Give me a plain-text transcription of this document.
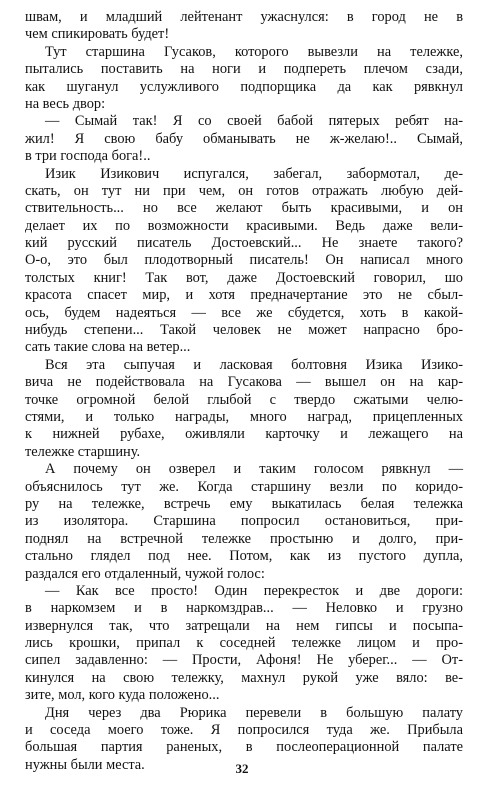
швам, и младший лейтенант ужаснулся: в город не в
чем спикировать будет!
Тут старшина Гусаков, которого вывезли на тележке,
пытались поставить на ноги и подперeть плечом сзади,
как шуганул услужливого подпорщика да как рявкнул
на весь двор:
— Сымай так! Я со своей бабой пятерых ребят на-
жил! Я свою бабу обманывать не ж-желаю!.. Сымай,
в три господа бога!..
Изик Изикович испугался, забегал, забормотал, де-
скать, он тут ни при чем, он готов отражать любую дей-
ствительность... но все желают быть красивыми, и он
делает их по возможности красивыми. Ведь даже вели-
кий русский писатель Достоевский... Не знаете такого?
О-о, это был плодотворный писатель! Он написал много
толстых книг! Так вот, даже Достоевский говорил, шо
красота спасет мир, и хотя предначертание это не сбыл-
ось, будем надеяться — все же сбудется, хоть в какой-
нибудь степени... Такой человек не может напрасно бро-
сать такие слова на ветер...
Вся эта сыпучая и ласковая болтовня Изика Изико-
вича не подействовала на Гусакова — вышел он на кар-
точке огромной белой глыбой с твердо сжатыми челю-
стями, и только награды, много наград, прицепленных
к нижней рубахе, оживляли карточку и лежащего на
тележке старшину.
А почему он озверел и таким голосом рявкнул —
объяснилось тут же. Когда старшину везли по коридо-
ру на тележке, встречь ему выкатилась белая тележка
из изолятора. Старшина попросил остановиться, при-
поднял на встречной тележке простыню и долго, при-
стально глядел под нее. Потом, как из пустого дупла,
раздался его отдаленный, чужой голос:
— Как все просто! Один перекресток и две дороги:
в наркомзем и в наркомздрав... — Неловко и грузно
извернулся так, что затрещали на нем гипсы и посыпа-
лись крошки, припал к соседней тележке лицом и про-
сипел задавленно: — Прости, Афоня! Не уберег... — От-
кинулся на свою тележку, махнул рукой уже вяло: ве-
зите, мол, кого куда положено...
Дня через два Рюрика перевели в большую палату
и соседа моего тоже. Я попросился туда же. Прибыла
большая партия раненых, в послеоперационной палате
нужны были места.	32
